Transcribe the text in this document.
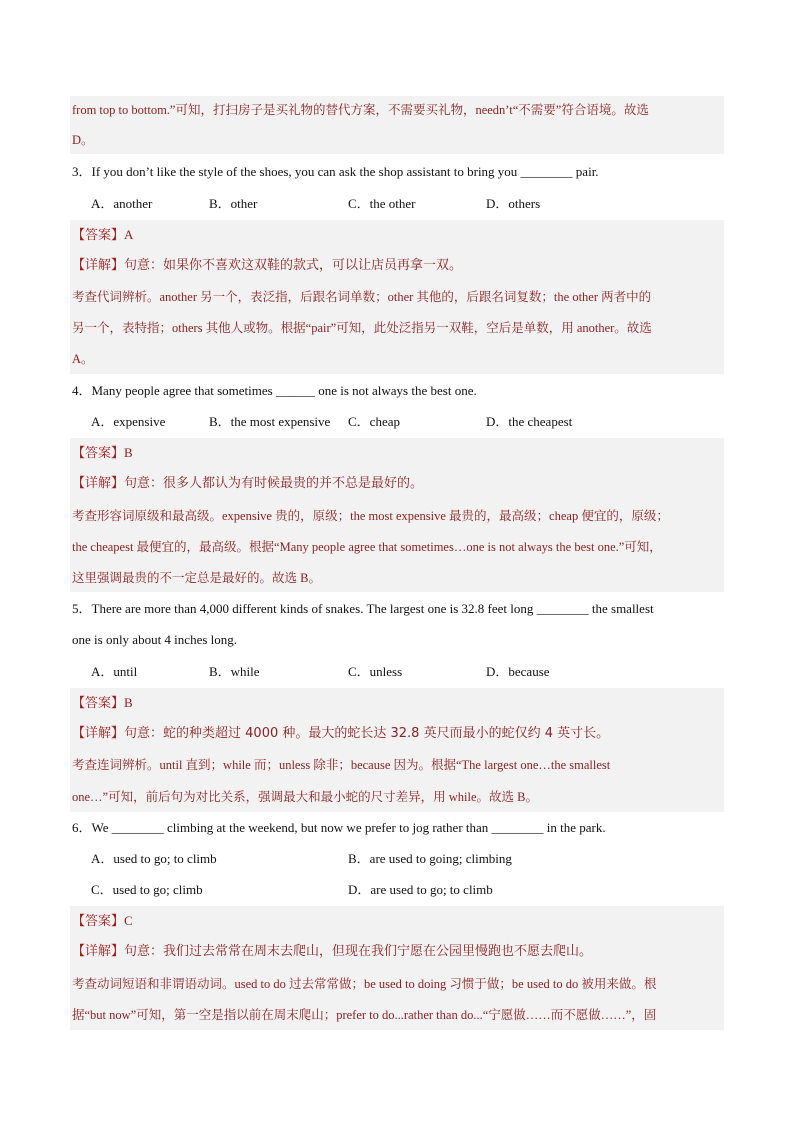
from top to bottom.”可知，打扫房子是买礼物的替代方案，不需要买礼物，needn’t“不需要”符合语境。故选
D。
3．If you don’t like the style of the shoes, you can ask the shop assistant to bring you ________ pair.
A．another	B．other	C．the other	D．others
【答案】A
【详解】句意：如果你不喜欢这双鞋的款式，可以让店员再拿一双。
考查代词辨析。another 另一个，表泛指，后跟名词单数；other 其他的，后跟名词复数；the other 两者中的
另一个，表特指；others 其他人或物。根据“pair”可知，此处泛指另一双鞋，空后是单数，用 another。故选
A。
4．Many people agree that sometimes ______ one is not always the best one.
A．expensive	B．the most expensive C．cheap	D．the cheapest
【答案】B
【详解】句意：很多人都认为有时候最贵的并不总是最好的。
考查形容词原级和最高级。expensive 贵的，原级；the most expensive 最贵的，最高级；cheap 便宜的，原级；
the cheapest 最便宜的，最高级。根据“Many people agree that sometimes…one is not always the best one.”可知，
这里强调最贵的不一定总是最好的。故选 B。
5．There are more than 4,000 different kinds of snakes. The largest one is 32.8 feet long ________ the smallest
one is only about 4 inches long.
A．until	B．while	C．unless	D．because
【答案】B
【详解】句意：蛇的种类超过 4000 种。最大的蛇长达 32.8 英尺而最小的蛇仅约 4 英寸长。
考查连词辨析。until 直到；while 而；unless 除非；because 因为。根据“The largest one…the smallest
one…”可知，前后句为对比关系，强调最大和最小蛇的尺寸差异，用 while。故选 B。
6．We ________ climbing at the weekend, but now we prefer to jog rather than ________ in the park.
A．used to go; to climb	B．are used to going; climbing
C．used to go; climb	D．are used to go; to climb
【答案】C
【详解】句意：我们过去常常在周末去爬山，但现在我们宁愿在公园里慢跑也不愿去爬山。
考查动词短语和非谓语动词。used to do 过去常常做；be used to doing 习惯于做；be used to do 被用来做。根
据“but now”可知，第一空是指以前在周末爬山；prefer to do...rather than do...“宁愿做……而不愿做……”，固
